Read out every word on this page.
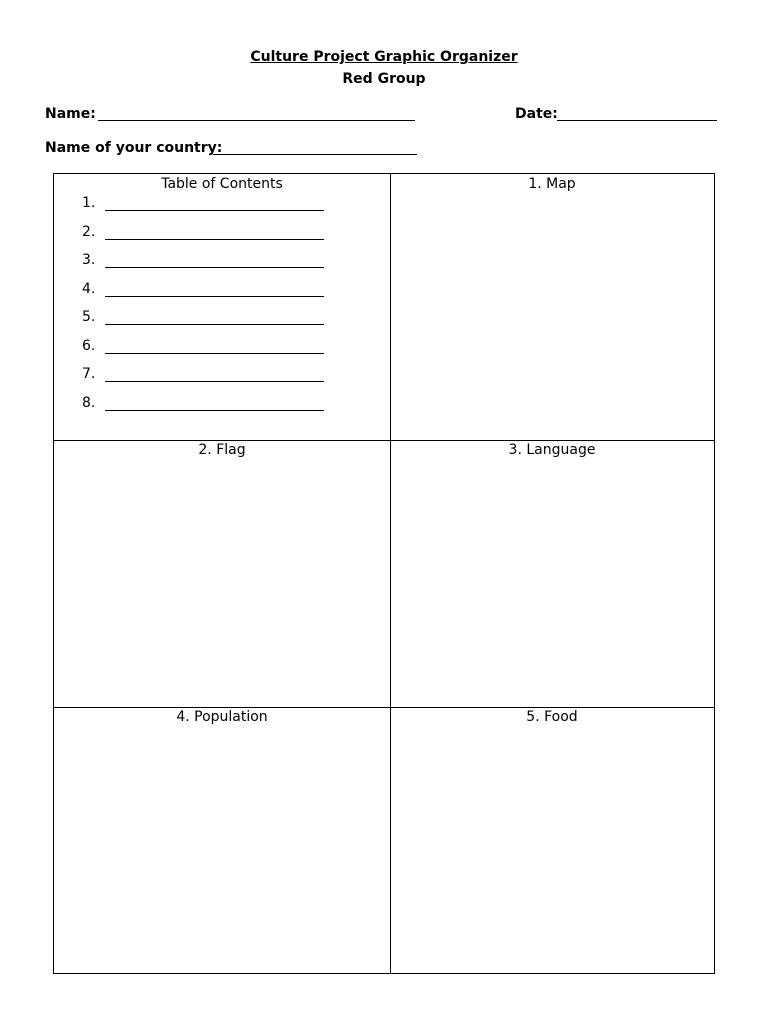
Culture Project Graphic Organizer
Red Group
Name:	Date:
Name of your country:
Table of Contents
1.
2.
3.
4.
5.
6.
7.
8.
1. Map
2. Flag	3. Language
4. Population	5. Food
